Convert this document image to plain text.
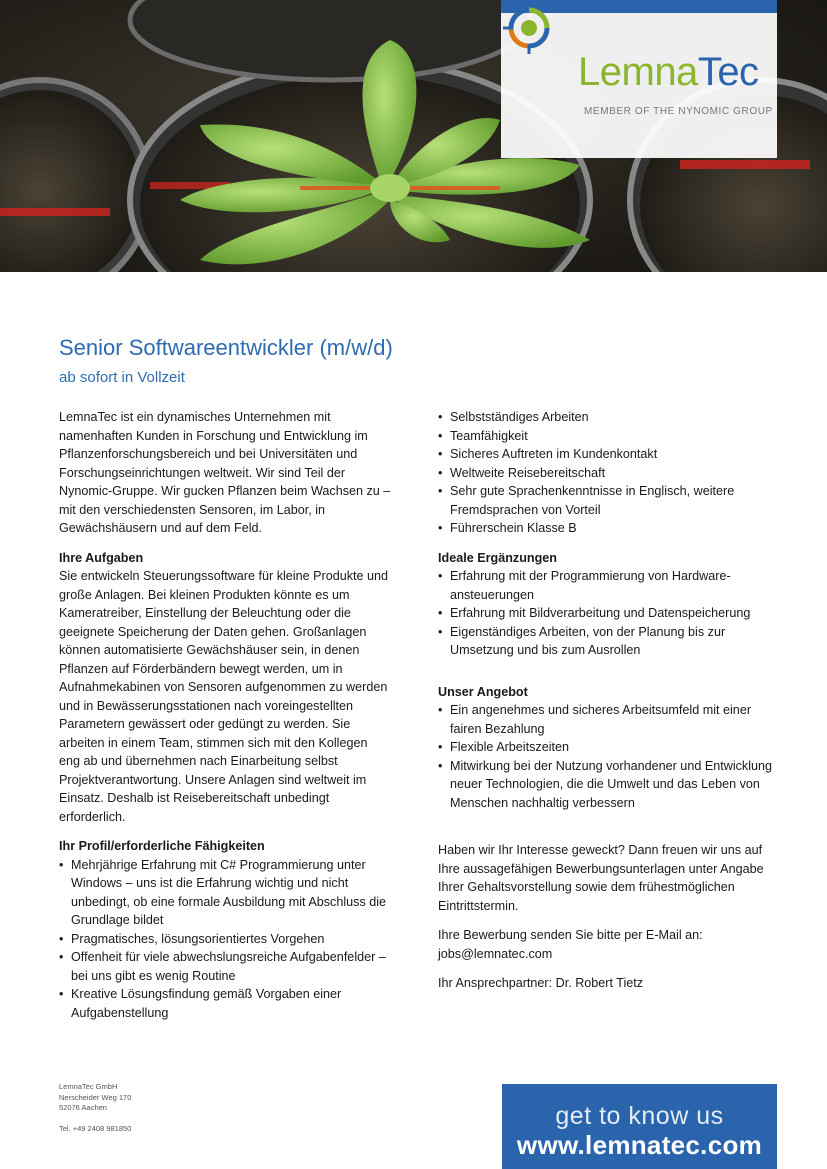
LemnaTec
MEMBER OF THE NYNOMIC GROUP
Senior Softwareentwickler (m/w/d)
ab sofort in Vollzeit

LemnaTec ist ein dynamisches Unternehmen mit namenhaften Kunden in Forschung und Entwicklung im Pflanzenforschungsbereich und bei Universitäten und Forschungseinrichtungen weltweit. Wir sind Teil der Nynomic-Gruppe. Wir gucken Pflanzen beim Wachsen zu – mit den verschiedensten Sensoren, im Labor, in Gewächshäusern und auf dem Feld.

Ihre Aufgaben

Sie entwickeln Steuerungssoftware für kleine Produkte und große Anlagen. Bei kleinen Produkten könnte es um Kameratreiber, Einstellung der Beleuchtung oder die geeignete Speicherung der Daten gehen. Großanlagen können automatisierte Gewächshäuser sein, in denen Pflanzen auf Förderbändern bewegt werden, um in Aufnahmekabinen von Sensoren aufgenommen zu werden und in Bewässerungsstationen nach voreingestellten Parametern gewässert oder gedüngt zu werden. Sie arbeiten in einem Team, stimmen sich mit den Kollegen eng ab und übernehmen nach Einarbeitung selbst Projektverantwortung. Unsere Anlagen sind weltweit im Einsatz. Deshalb ist Reisebereitschaft unbedingt erforderlich.

Ihr Profil/erforderliche Fähigkeiten
• Mehrjährige Erfahrung mit C# Programmierung unter Windows – uns ist die Erfahrung wichtig und nicht unbedingt, ob eine formale Ausbildung mit Abschluss die Grundlage bildet
• Pragmatisches, lösungsorientiertes Vorgehen
• Offenheit für viele abwechslungsreiche Aufgabenfelder – bei uns gibt es wenig Routine
• Kreative Lösungsfindung gemäß Vorgaben einer Aufgabenstellung
• Selbstständiges Arbeiten
• Teamfähigkeit
• Sicheres Auftreten im Kundenkontakt
• Weltweite Reisebereitschaft
• Sehr gute Sprachenkenntnisse in Englisch, weitere Fremdsprachen von Vorteil
• Führerschein Klasse B
Ideale Ergänzungen
• Erfahrung mit der Programmierung von Hardware-ansteuerungen
• Erfahrung mit Bildverarbeitung und Datenspeicherung
• Eigenständiges Arbeiten, von der Planung bis zur Umsetzung und bis zum Ausrollen
Unser Angebot
• Ein angenehmes und sicheres Arbeitsumfeld mit einer fairen Bezahlung
• Flexible Arbeitszeiten
• Mitwirkung bei der Nutzung vorhandener und Entwicklung neuer Technologien, die die Umwelt und das Leben von Menschen nachhaltig verbessern

Haben wir Ihr Interesse geweckt? Dann freuen wir uns auf Ihre aussagefähigen Bewerbungsunterlagen unter Angabe Ihrer Gehaltsvorstellung sowie dem frühestmöglichen Eintrittstermin.

Ihre Bewerbung senden Sie bitte per E-Mail an:
jobs@lemnatec.com

Ihr Ansprechpartner: Dr. Robert Tietz

LemnaTec GmbH
Nerscheider Weg 170
52076 Aachen
Tel. +49 2408 981850	get to know us
www.lemnatec.com
